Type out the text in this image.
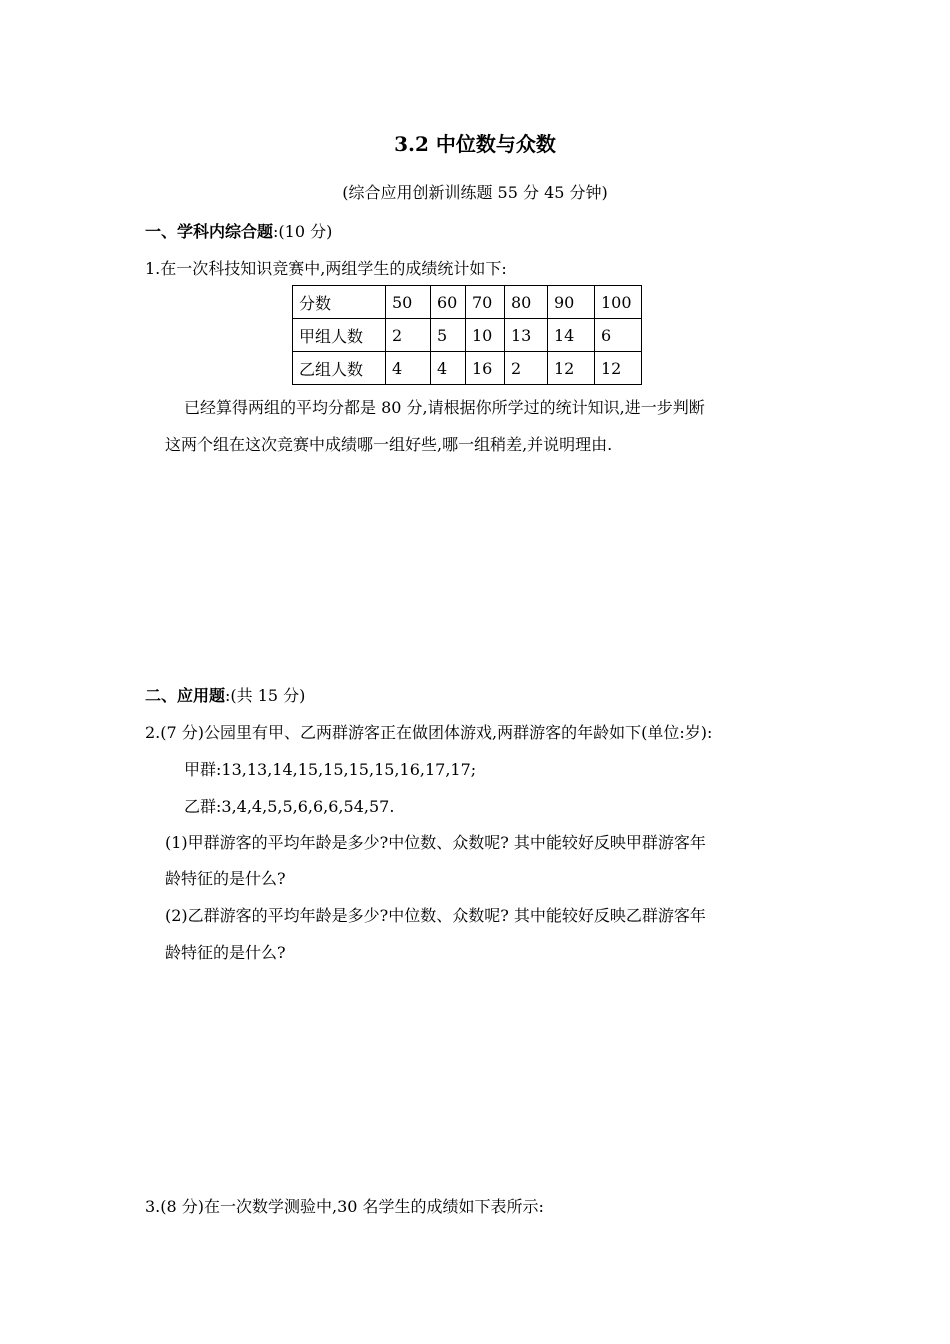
3.2 中位数与众数
(综合应用创新训练题 55 分 45 分钟)
一、学科内综合题:(10 分)
1.在一次科技知识竞赛中,两组学生的成绩统计如下:
分数	50	60	70	80	90	100
甲组人数	2	5	10	13	14	6
乙组人数	4	4	16	2	12	12
已经算得两组的平均分都是 80 分,请根据你所学过的统计知识,进一步判断
这两个组在这次竞赛中成绩哪一组好些,哪一组稍差,并说明理由.
二、应用题:(共 15 分)
2.(7 分)公园里有甲、乙两群游客正在做团体游戏,两群游客的年龄如下(单位:岁):
甲群:13,13,14,15,15,15,15,16,17,17;
乙群:3,4,4,5,5,6,6,6,54,57.
(1)甲群游客的平均年龄是多少?中位数、众数呢? 其中能较好反映甲群游客年
龄特征的是什么?
(2)乙群游客的平均年龄是多少?中位数、众数呢? 其中能较好反映乙群游客年
龄特征的是什么?
3.(8 分)在一次数学测验中,30 名学生的成绩如下表所示:
